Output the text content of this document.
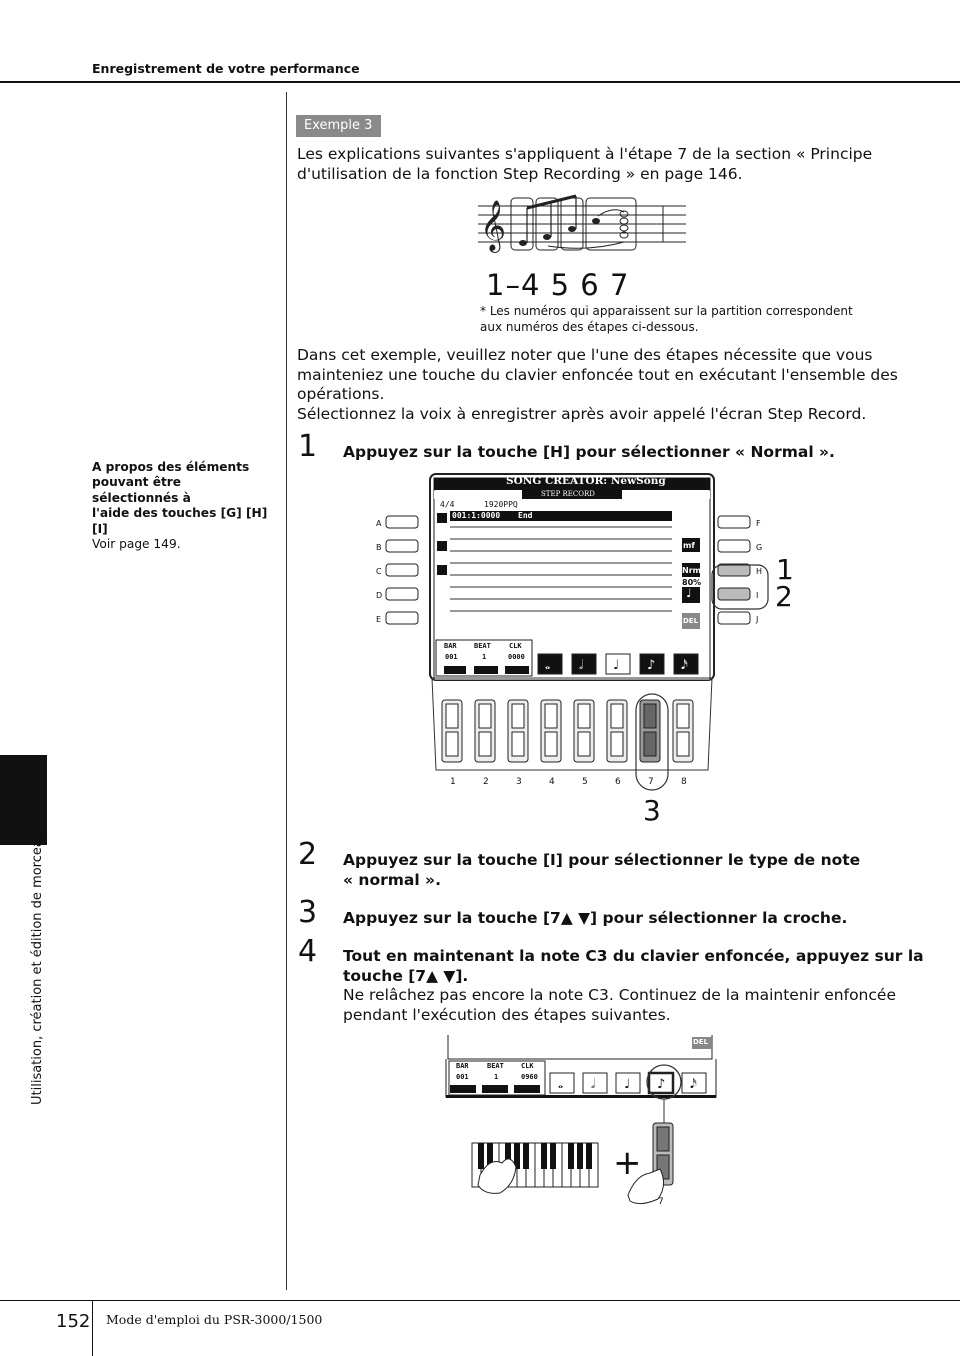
Enregistrement de votre performance
Utilisation, création et édition de morceaux
A propos des éléments
pouvant être sélectionnés à
l'aide des touches [G] [H] [I]
Voir page 149.
Exemple 3
Les explications suivantes s'appliquent à l'étape 7 de la section « Principe
d'utilisation de la fonction Step Recording » en page 146.
𝄞
1–4 5 6 7
* Les numéros qui apparaissent sur la partition correspondent
aux numéros des étapes ci-dessous.
Dans cet exemple, veuillez noter que l'une des étapes nécessite que vous
mainteniez une touche du clavier enfoncée tout en exécutant l'ensemble des
opérations.
Sélectionnez la voix à enregistrer après avoir appelé l'écran Step Record.
1 Appuyez sur la touche [H] pour sélectionner « Normal ».
𝅝 𝅗𝅥 ♩ ♪ 𝅘𝅥𝅯
SONG CREATOR: NewSong
STEP RECORD
4/4	1920PPQ
001:1:0000 End
mf
Nrm
80%
♩
DEL
BAR BEAT	CLK
001	1	0000
A
B
C
D
E
F
G
H
I
J
1	2	3	4	5	6	7	8
1
2
3
2 Appuyez sur la touche [I] pour sélectionner le type de note
« normal ».
3 Appuyez sur la touche [7▲ ▼] pour sélectionner la croche.
4 Tout en maintenant la note C3 du clavier enfoncée, appuyez sur la
touche [7▲ ▼].
Ne relâchez pas encore la note C3. Continuez de la maintenir enfoncée
pendant l'exécution des étapes suivantes.
𝅝 𝅗𝅥 ♩ ♪ 𝅘𝅥𝅯
DEL
BAR	BEAT CLK
001	1	0960
+
7
152 Mode d'emploi du PSR-3000/1500
